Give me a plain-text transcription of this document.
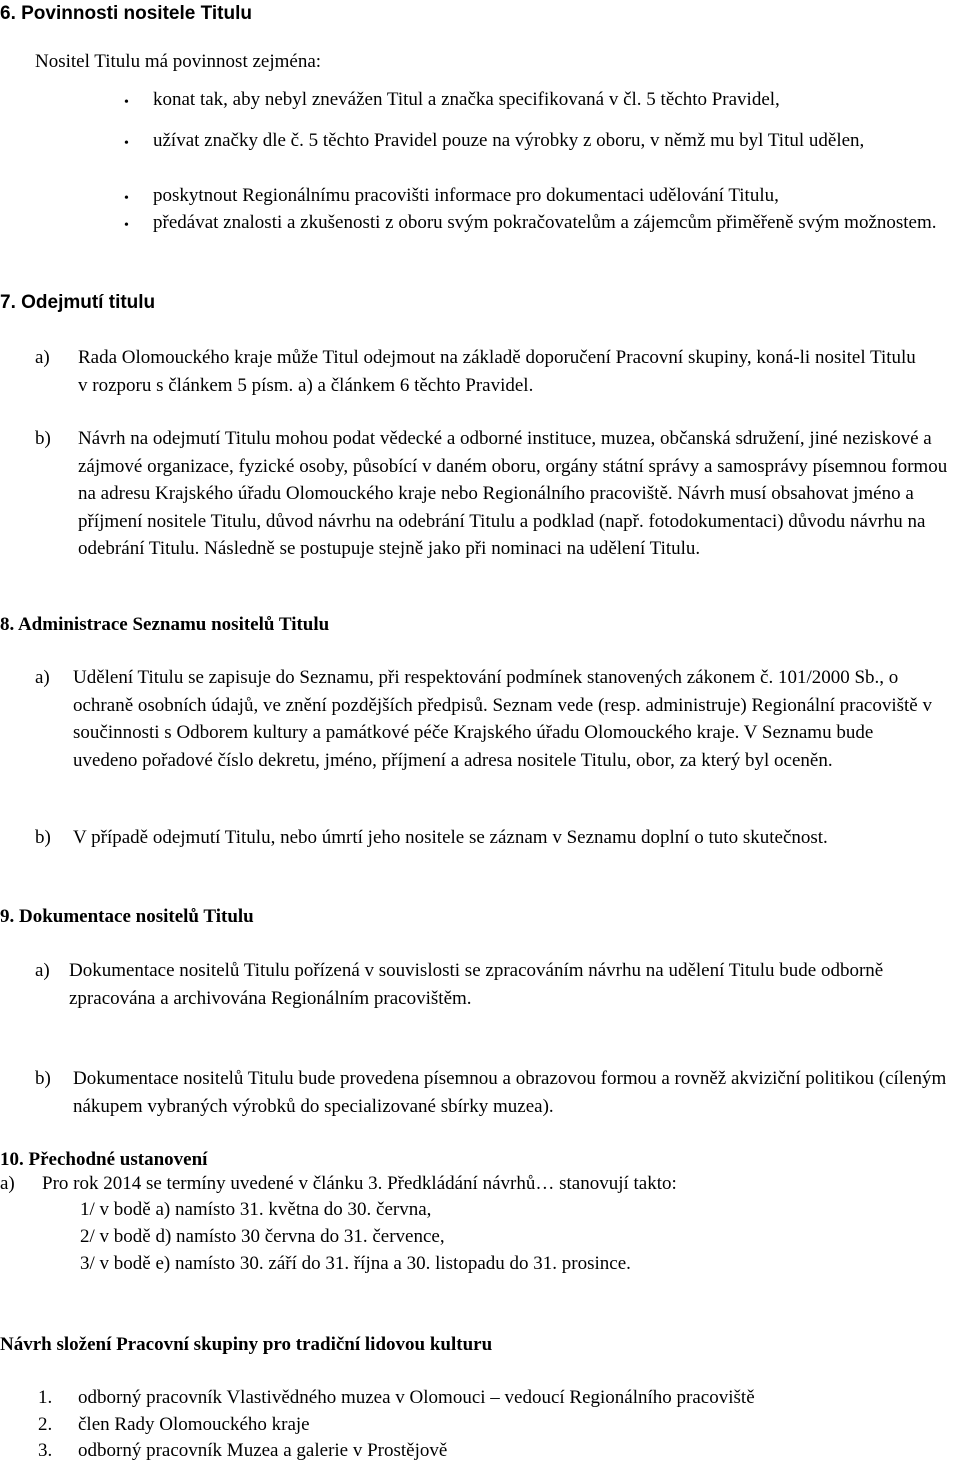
6. Povinnosti nositele Titulu
Nositel Titulu má povinnost zejména:
• konat tak, aby nebyl znevážen Titul a značka specifikovaná v čl. 5 těchto Pravidel,
• užívat značky dle č. 5 těchto Pravidel pouze na výrobky z oboru, v němž mu byl Titul udělen,
• poskytnout Regionálnímu pracovišti informace pro dokumentaci udělování Titulu,
• předávat znalosti a zkušenosti z oboru svým pokračovatelům a zájemcům přiměřeně svým možnostem.
7. Odejmutí titulu
a) Rada Olomouckého kraje může Titul odejmout na základě doporučení Pracovní skupiny, koná-li nositel Titulu v rozporu s článkem 5 písm. a) a článkem 6 těchto Pravidel.
b) Návrh na odejmutí Titulu mohou podat vědecké a odborné instituce, muzea, občanská sdružení, jiné neziskové a zájmové organizace, fyzické osoby, působící v daném oboru, orgány státní správy a samosprávy písemnou formou na adresu Krajského úřadu Olomouckého kraje nebo Regionálního pracoviště. Návrh musí obsahovat jméno a příjmení nositele Titulu, důvod návrhu na odebrání Titulu a podklad (např. fotodokumentaci) důvodu návrhu na odebrání Titulu. Následně se postupuje stejně jako při nominaci na udělení Titulu.
8. Administrace Seznamu nositelů Titulu
a) Udělení Titulu se zapisuje do Seznamu, při respektování podmínek stanovených zákonem č. 101/2000 Sb., o ochraně osobních údajů, ve znění pozdějších předpisů. Seznam vede (resp. administruje) Regionální pracoviště v součinnosti s Odborem kultury a památkové péče Krajského úřadu Olomouckého kraje. V Seznamu bude uvedeno pořadové číslo dekretu, jméno, příjmení a adresa nositele Titulu, obor, za který byl oceněn.
b) V případě odejmutí Titulu, nebo úmrtí jeho nositele se záznam v Seznamu doplní o tuto skutečnost.
9. Dokumentace nositelů Titulu
a) Dokumentace nositelů Titulu pořízená v souvislosti se zpracováním návrhu na udělení Titulu bude odborně zpracována a archivována Regionálním pracovištěm.
b) Dokumentace nositelů Titulu bude provedena písemnou a obrazovou formou a rovněž akviziční politikou (cíleným nákupem vybraných výrobků do specializované sbírky muzea).
10. Přechodné ustanovení
a) Pro rok 2014 se termíny uvedené v článku 3. Předkládání návrhů… stanovují takto:
1/ v bodě a) namísto 31. května do 30. června,
2/ v bodě d) namísto 30 června do 31. července,
3/ v bodě e) namísto 30. září do 31. října a 30. listopadu do 31. prosince.
Návrh složení Pracovní skupiny pro tradiční lidovou kulturu
1. odborný pracovník Vlastivědného muzea v Olomouci – vedoucí Regionálního pracoviště
2. člen Rady Olomouckého kraje
3. odborný pracovník Muzea a galerie v Prostějově
